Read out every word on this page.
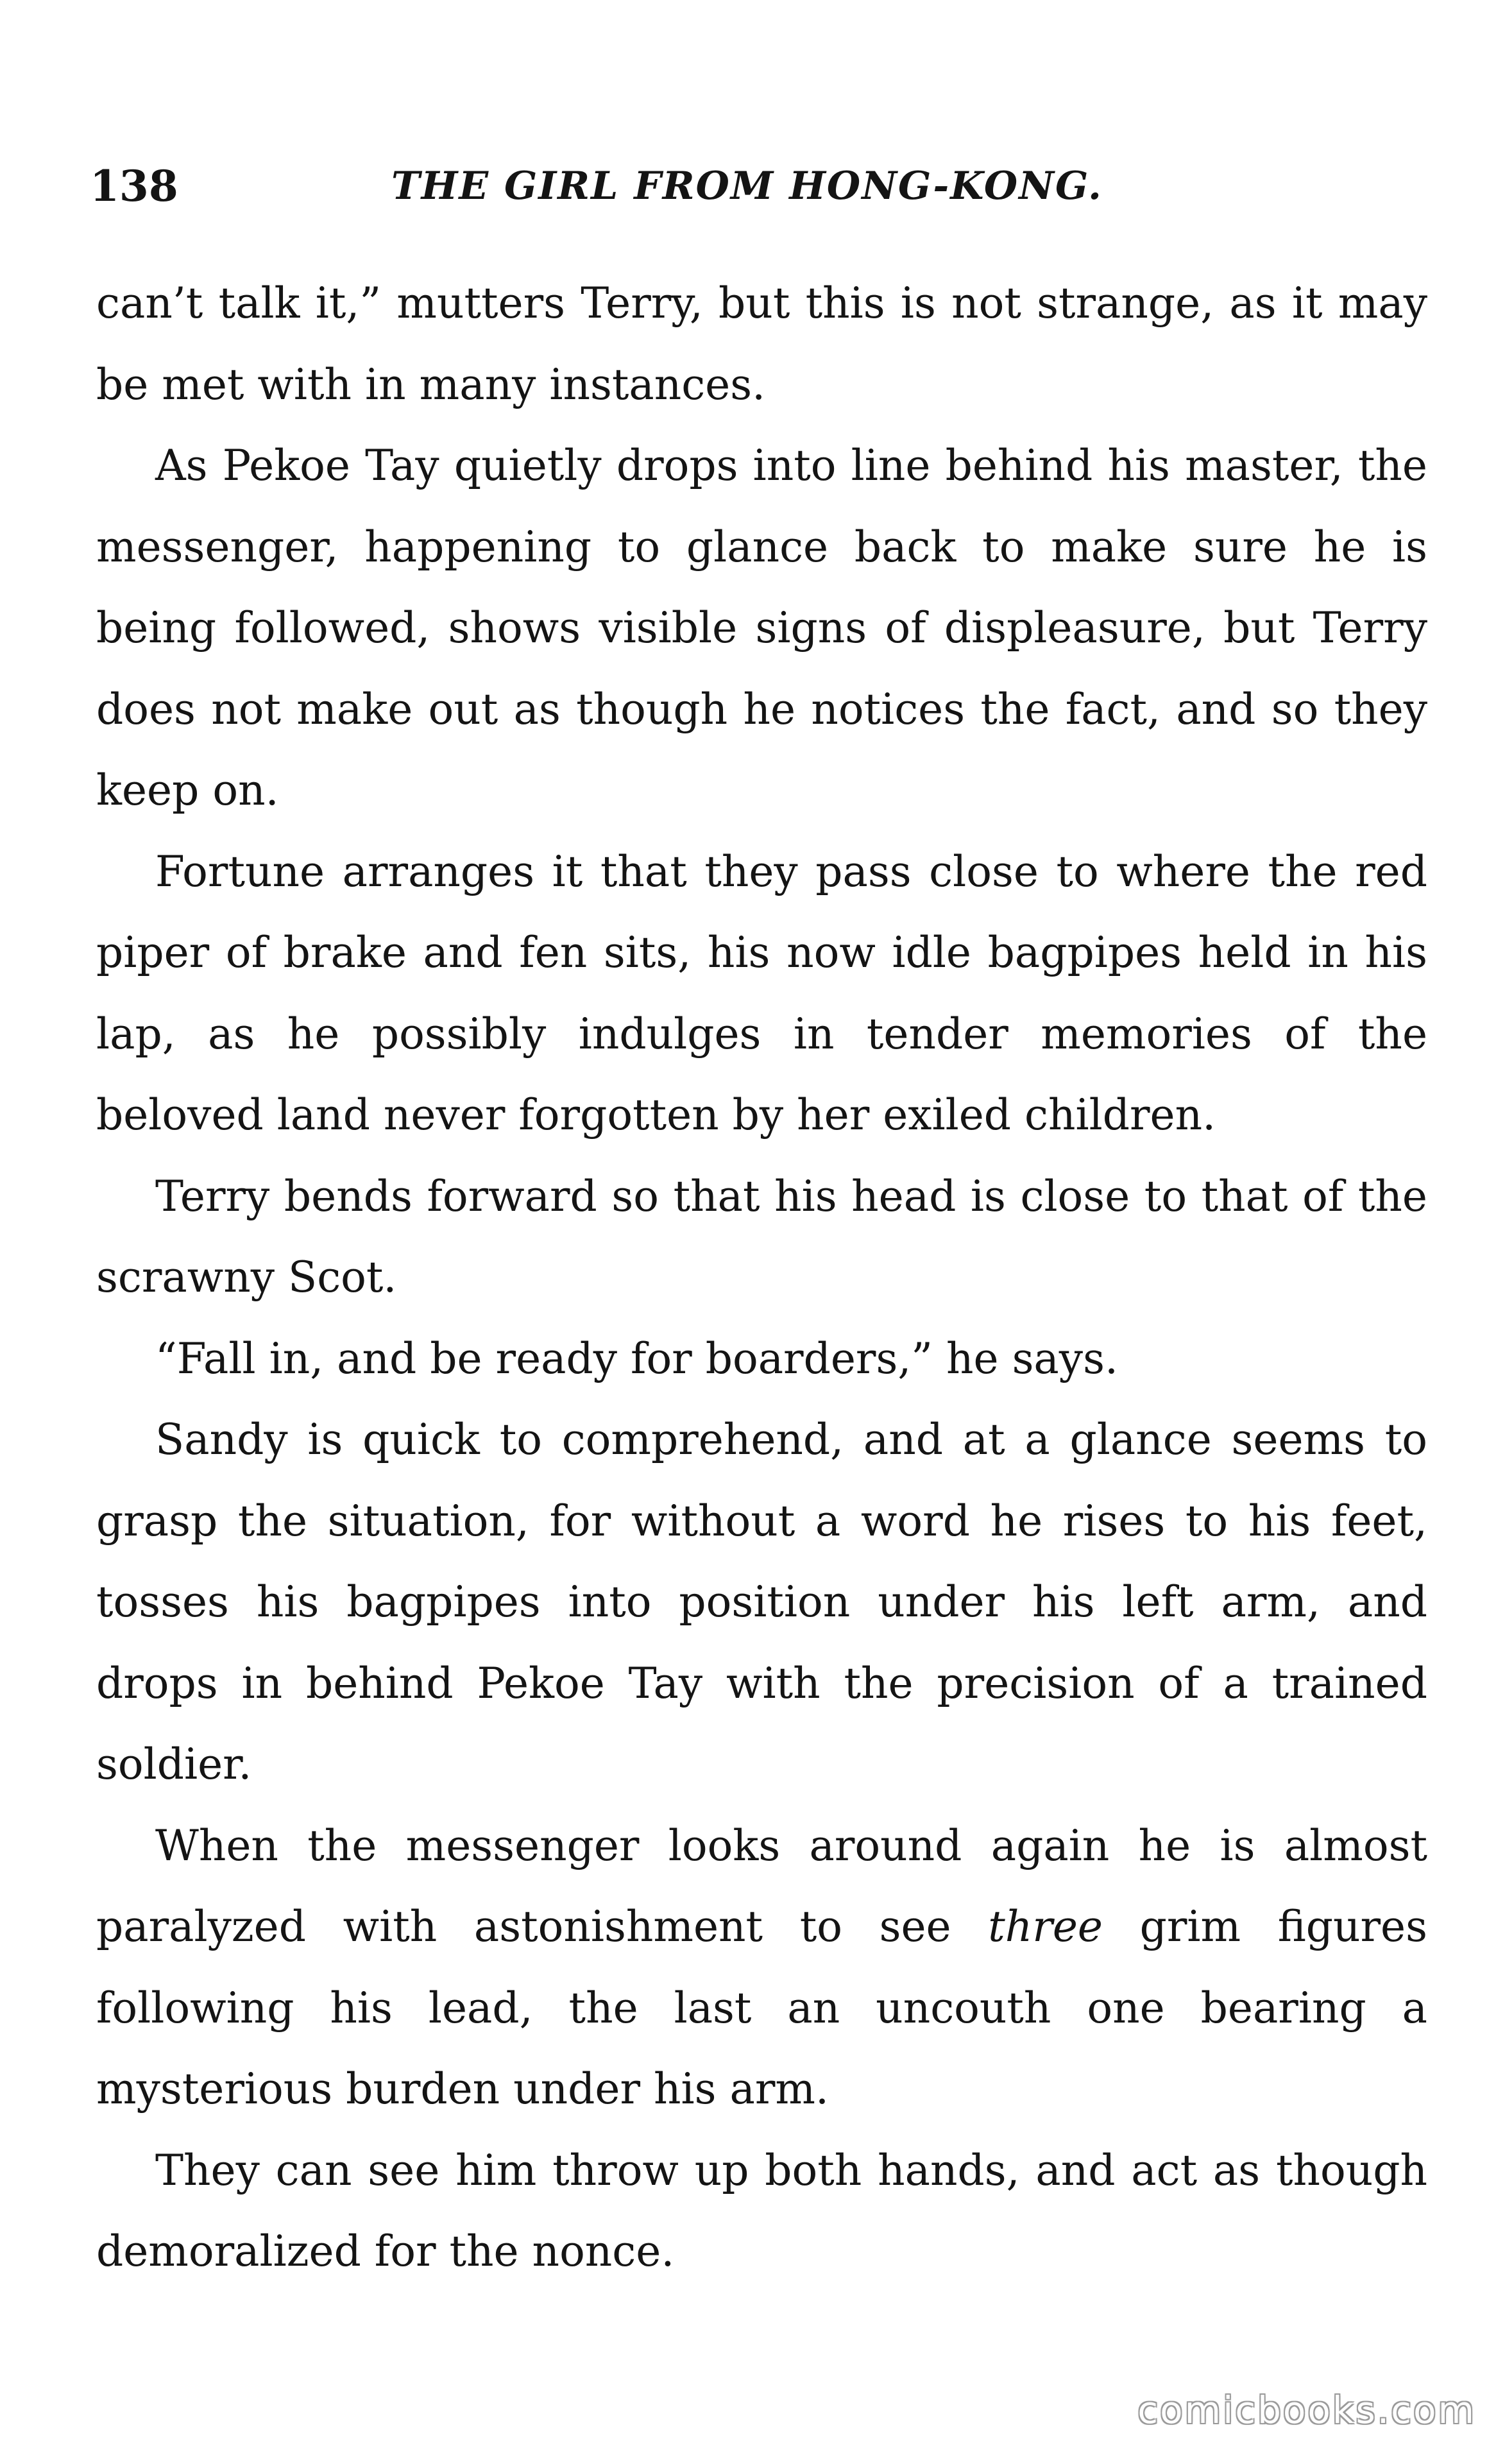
138	THE GIRL FROM HONG-KONG.

can’t talk it,” mutters Terry, but this is not strange, as it may be met with in many instances.

As Pekoe Tay quietly drops into line behind his master, the messenger, happening to glance back to make sure he is being followed, shows visible signs of displeasure, but Terry does not make out as though he notices the fact, and so they keep on.

Fortune arranges it that they pass close to where the red piper of brake and fen sits, his now idle bagpipes held in his lap, as he possibly indulges in tender memories of the beloved land never forgotten by her exiled children.

Terry bends forward so that his head is close to that of the scrawny Scot.

“Fall in, and be ready for boarders,” he says.

Sandy is quick to comprehend, and at a glance seems to grasp the situation, for without a word he rises to his feet, tosses his bagpipes into position under his left arm, and drops in behind Pekoe Tay with the precision of a trained soldier.

When the messenger looks around again he is almost paralyzed with astonishment to see three grim figures following his lead, the last an uncouth one bearing a mysterious burden under his arm.

They can see him throw up both hands, and act as though demoralized for the nonce.

comicbooks.com
